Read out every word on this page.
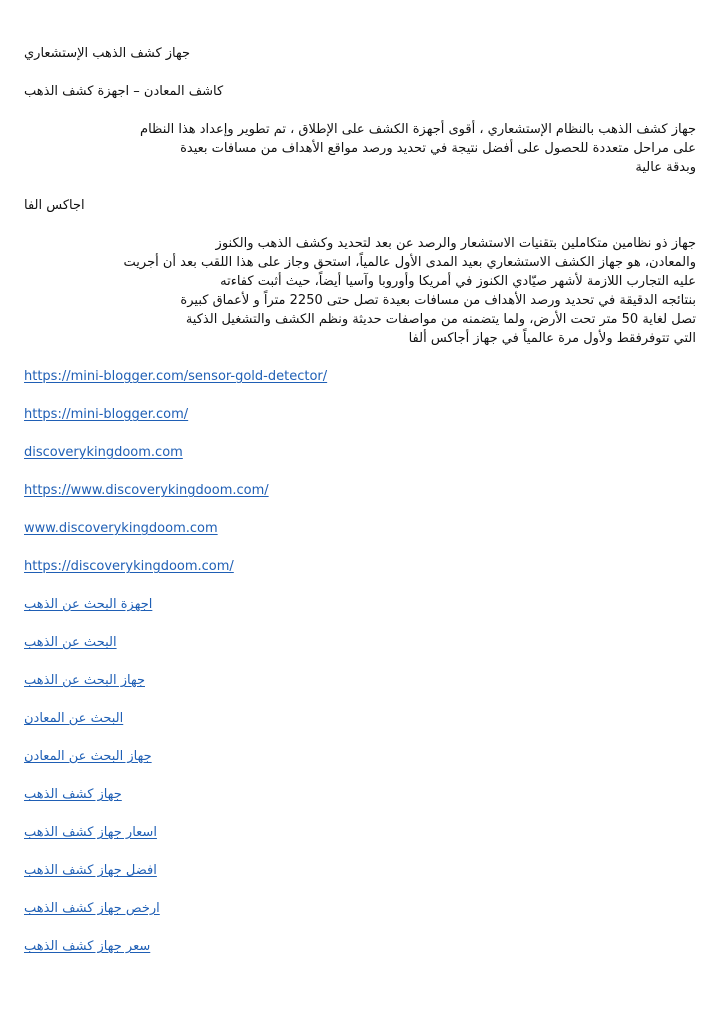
جهاز كشف الذهب الإستشعاري
كاشف المعادن – اجهزة كشف الذهب
جهاز كشف الذهب بالنظام الإستشعاري ، أقوى أجهزة الكشف على الإطلاق ، تم تطوير وإعداد هذا النظام
على مراحل متعددة للحصول على أفضل نتيجة في تحديد ورصد مواقع الأهداف من مسافات بعيدة
وبدقة عالية
اجاكس الفا
جهاز ذو نظامين متكاملين بتقنيات الاستشعار والرصد عن بعد لتحديد وكشف الذهب والكنوز
والمعادن، هو جهاز الكشف الاستشعاري بعيد المدى الأول عالمياً، استحق وجاز على هذا اللقب بعد أن أجريت
عليه التجارب اللازمة لأشهر صيّادي الكنوز في أمريكا وأوروبا وآسيا أيضاً، حيث أثبت كفاءته
بنتائجه الدقيقة في تحديد ورصد الأهداف من مسافات بعيدة تصل حتى 2250 متراً و لأعماق كبيرة
تصل لغاية 50 متر تحت الأرض، ولما يتضمنه من مواصفات حديثة ونظم الكشف والتشغيل الذكية
التي تتوفرفقط ولأول مرة عالمياً في جهاز أجاكس ألفا
https://mini-blogger.com/sensor-gold-detector/
https://mini-blogger.com/
discoverykingdoom.com
https://www.discoverykingdoom.com/
www.discoverykingdoom.com
https://discoverykingdoom.com/
اجهزة البحث عن الذهب
البحث عن الذهب
جهاز البحث عن الذهب
البحث عن المعادن
جهاز البحث عن المعادن
جهاز كشف الذهب
اسعار جهاز كشف الذهب
افضل جهاز كشف الذهب
ارخص جهاز كشف الذهب
سعر جهاز كشف الذهب
